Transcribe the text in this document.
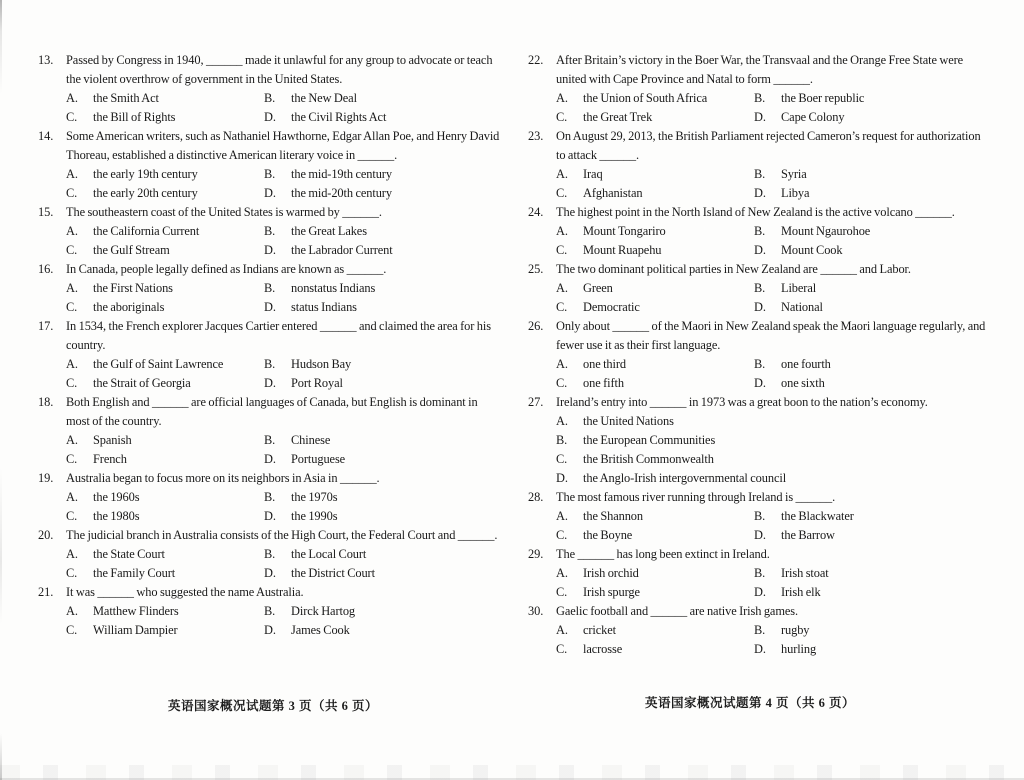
13.	Passed by Congress in 1940, ______ made it unlawful for any group to advocate or teach
the violent overthrow of government in the United States.
A.	the Smith Act	B.	the New Deal
C.	the Bill of Rights	D.	the Civil Rights Act
14.	Some American writers, such as Nathaniel Hawthorne, Edgar Allan Poe, and Henry David
Thoreau, established a distinctive American literary voice in ______.
A.	the early 19th century	B.	the mid-19th century
C.	the early 20th century	D.	the mid-20th century
15.	The southeastern coast of the United States is warmed by ______.
A.	the California Current	B.	the Great Lakes
C.	the Gulf Stream	D.	the Labrador Current
16.	In Canada, people legally defined as Indians are known as ______.
A.	the First Nations	B.	nonstatus Indians
C.	the aboriginals	D.	status Indians
17.	In 1534, the French explorer Jacques Cartier entered ______ and claimed the area for his
country.
A.	the Gulf of Saint Lawrence	B.	Hudson Bay
C.	the Strait of Georgia	D.	Port Royal
18.	Both English and ______ are official languages of Canada, but English is dominant in
most of the country.
A.	Spanish	B.	Chinese
C.	French	D.	Portuguese
19.	Australia began to focus more on its neighbors in Asia in ______.
A.	the 1960s	B.	the 1970s
C.	the 1980s	D.	the 1990s
20.	The judicial branch in Australia consists of the High Court, the Federal Court and ______.
A.	the State Court	B.	the Local Court
C.	the Family Court	D.	the District Court
21.	It was ______ who suggested the name Australia.
A.	Matthew Flinders	B.	Dirck Hartog
C.	William Dampier	D.	James Cook
22.	After Britain’s victory in the Boer War, the Transvaal and the Orange Free State were
united with Cape Province and Natal to form ______.
A.	the Union of South Africa	B.	the Boer republic
C.	the Great Trek	D.	Cape Colony
23.	On August 29, 2013, the British Parliament rejected Cameron’s request for authorization
to attack ______.
A.	Iraq	B.	Syria
C.	Afghanistan	D.	Libya
24.	The highest point in the North Island of New Zealand is the active volcano ______.
A.	Mount Tongariro	B.	Mount Ngaurohoe
C.	Mount Ruapehu	D.	Mount Cook
25.	The two dominant political parties in New Zealand are ______ and Labor.
A.	Green	B.	Liberal
C.	Democratic	D.	National
26.	Only about ______ of the Maori in New Zealand speak the Maori language regularly, and
fewer use it as their first language.
A.	one third	B.	one fourth
C.	one fifth	D.	one sixth
27.	Ireland’s entry into ______ in 1973 was a great boon to the nation’s economy.
A.	the United Nations
B.	the European Communities
C.	the British Commonwealth
D.	the Anglo-Irish intergovernmental council
28.	The most famous river running through Ireland is ______.
A.	the Shannon	B.	the Blackwater
C.	the Boyne	D.	the Barrow
29.	The ______ has long been extinct in Ireland.
A.	Irish orchid	B.	Irish stoat
C.	Irish spurge	D.	Irish elk
30.	Gaelic football and ______ are native Irish games.
A.	cricket	B.	rugby
C.	lacrosse	D.	hurling
英语国家概况试题第 3 页（共 6 页）	英语国家概况试题第 4 页（共 6 页）
